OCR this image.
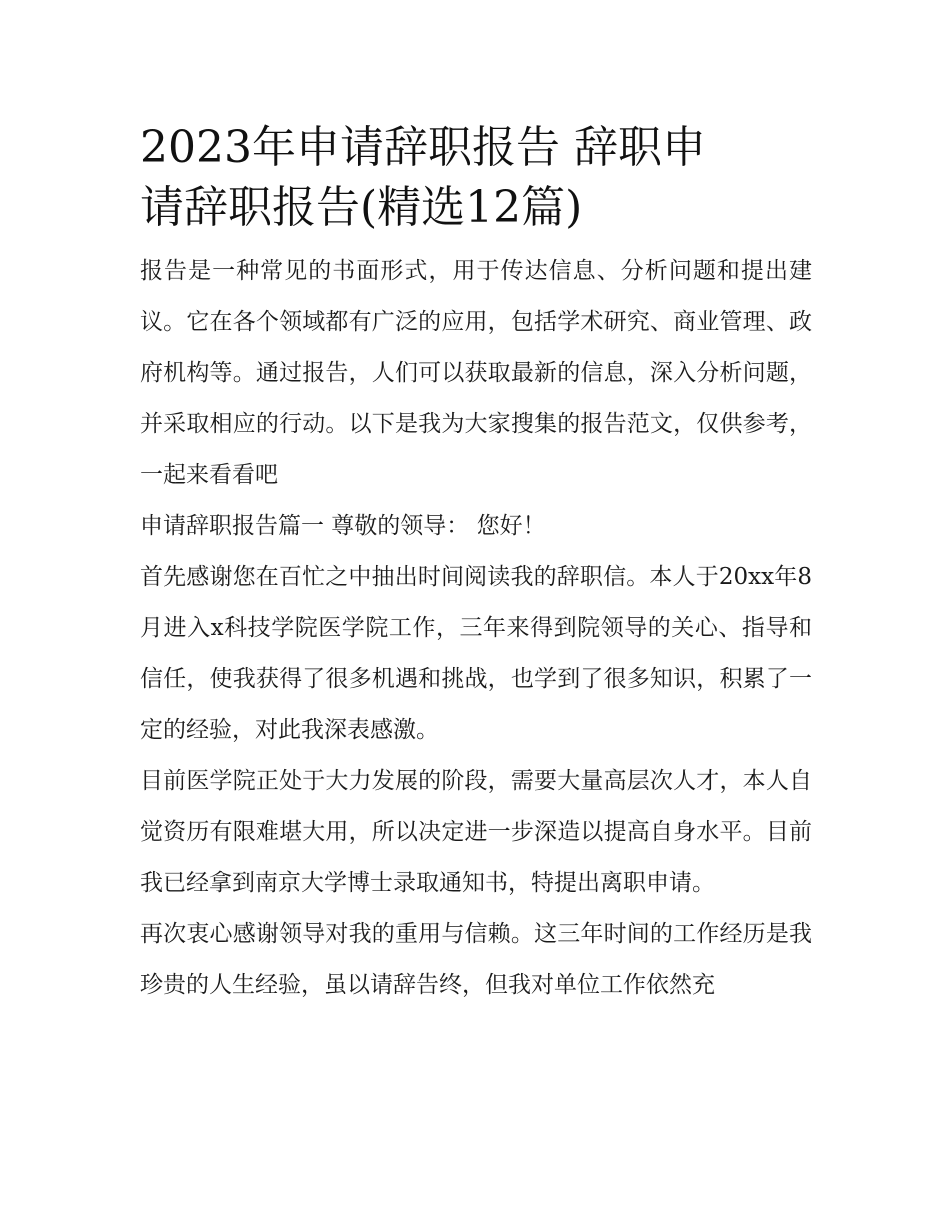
2023年申请辞职报告 辞职申
请辞职报告(精选12篇)

报告是一种常见的书面形式，用于传达信息、分析问题和提出建议。它在各个领域都有广泛的应用，包括学术研究、商业管理、政府机构等。通过报告，人们可以获取最新的信息，深入分析问题，并采取相应的行动。以下是我为大家搜集的报告范文，仅供参考，一起来看看吧

申请辞职报告篇一 尊敬的领导： 您好！

首先感谢您在百忙之中抽出时间阅读我的辞职信。本人于20xx年8月进入x科技学院医学院工作，三年来得到院领导的关心、指导和信任，使我获得了很多机遇和挑战，也学到了很多知识，积累了一定的经验，对此我深表感激。

目前医学院正处于大力发展的阶段，需要大量高层次人才，本人自觉资历有限难堪大用，所以决定进一步深造以提高自身水平。目前我已经拿到南京大学博士录取通知书，特提出离职申请。

再次衷心感谢领导对我的重用与信赖。这三年时间的工作经历是我珍贵的人生经验，虽以请辞告终，但我对单位工作依然充
